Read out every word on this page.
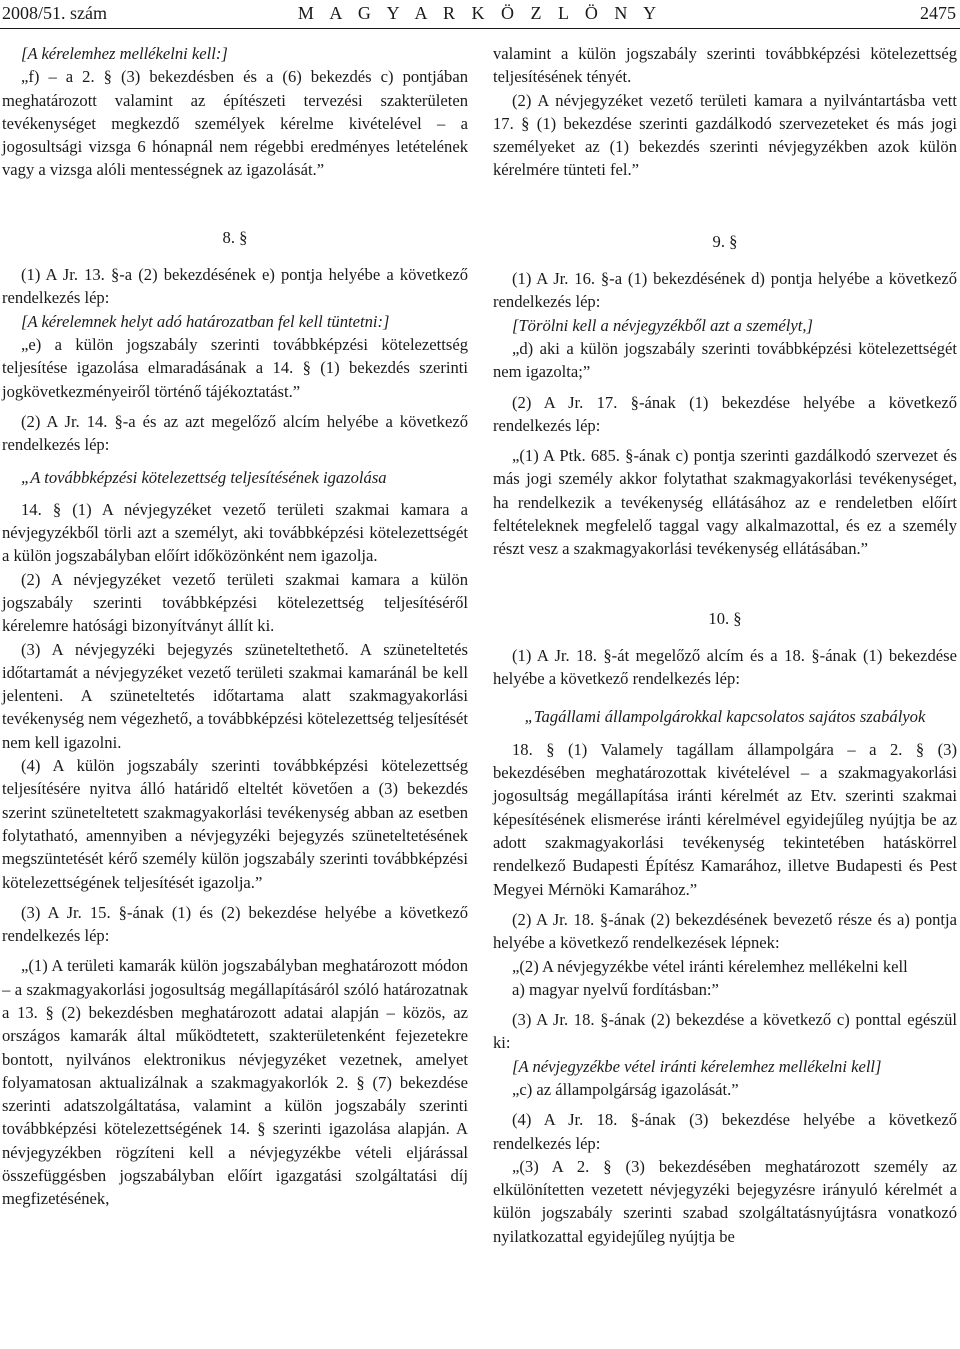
2008/51. szám	M A G Y A R K Ö Z L Ö N Y	2475

[A kérelemhez mellékelni kell:]

„f) – a 2. § (3) bekezdésben és a (6) bekezdés c) pontjában meghatározott valamint az építészeti tervezési szakterületen tevékenységet megkezdő személyek kérelme kivételével – a jogosultsági vizsga 6 hónapnál nem régebbi eredményes letételének vagy a vizsga alóli mentességnek az igazolását.”

8. §

(1) A Jr. 13. §-a (2) bekezdésének e) pontja helyébe a következő rendelkezés lép:

[A kérelemnek helyt adó határozatban fel kell tüntetni:]

„e) a külön jogszabály szerinti továbbképzési kötelezettség teljesítése igazolása elmaradásának a 14. § (1) bekezdés szerinti jogkövetkezményeiről történő tájékoztatást.”

(2) A Jr. 14. §-a és az azt megelőző alcím helyébe a következő rendelkezés lép:

„A továbbképzési kötelezettség teljesítésének igazolása

14. § (1) A névjegyzéket vezető területi szakmai kamara a névjegyzékből törli azt a személyt, aki továbbképzési kötelezettségét a külön jogszabályban előírt időközönként nem igazolja.

(2) A névjegyzéket vezető területi szakmai kamara a külön jogszabály szerinti továbbképzési kötelezettség teljesítéséről kérelemre hatósági bizonyítványt állít ki.

(3) A névjegyzéki bejegyzés szüneteltethető. A szüneteltetés időtartamát a névjegyzéket vezető területi szakmai kamaránál be kell jelenteni. A szüneteltetés időtartama alatt szakmagyakorlási tevékenység nem végezhető, a továbbképzési kötelezettség teljesítését nem kell igazolni.

(4) A külön jogszabály szerinti továbbképzési kötelezettség teljesítésére nyitva álló határidő elteltét követően a (3) bekezdés szerint szüneteltetett szakmagyakorlási tevékenység abban az esetben folytatható, amennyiben a névjegyzéki bejegyzés szüneteltetésének megszüntetését kérő személy külön jogszabály szerinti továbbképzési kötelezettségének teljesítését igazolja.”

(3) A Jr. 15. §-ának (1) és (2) bekezdése helyébe a következő rendelkezés lép:

„(1) A területi kamarák külön jogszabályban meghatározott módon – a szakmagyakorlási jogosultság megállapításáról szóló határozatnak a 13. § (2) bekezdésben meghatározott adatai alapján – közös, az országos kamarák által működtetett, szakterületenként fejezetekre bontott, nyilvános elektronikus névjegyzéket vezetnek, amelyet folyamatosan aktualizálnak a szakmagyakorlók 2. § (7) bekezdése szerinti adatszolgáltatása, valamint a külön jogszabály szerinti továbbképzési kötelezettségének 14. § szerinti igazolása alapján. A névjegyzékben rögzíteni kell a névjegyzékbe vételi eljárással összefüggésben jogszabályban előírt igazgatási szolgáltatási díj megfizetésének,

valamint a külön jogszabály szerinti továbbképzési kötelezettség teljesítésének tényét.

(2) A névjegyzéket vezető területi kamara a nyilvántartásba vett 17. § (1) bekezdése szerinti gazdálkodó szervezeteket és más jogi személyeket az (1) bekezdés szerinti névjegyzékben azok külön kérelmére tünteti fel.”

9. §

(1) A Jr. 16. §-a (1) bekezdésének d) pontja helyébe a következő rendelkezés lép:

[Törölni kell a névjegyzékből azt a személyt,]

„d) aki a külön jogszabály szerinti továbbképzési kötelezettségét nem igazolta;”

(2) A Jr. 17. §-ának (1) bekezdése helyébe a következő rendelkezés lép:

„(1) A Ptk. 685. §-ának c) pontja szerinti gazdálkodó szervezet és más jogi személy akkor folytathat szakmagyakorlási tevékenységet, ha rendelkezik a tevékenység ellátásához az e rendeletben előírt feltételeknek megfelelő taggal vagy alkalmazottal, és ez a személy részt vesz a szakmagyakorlási tevékenység ellátásában.”

10. §

(1) A Jr. 18. §-át megelőző alcím és a 18. §-ának (1) bekezdése helyébe a következő rendelkezés lép:

„Tagállami állampolgárokkal kapcsolatos sajátos szabályok

18. § (1) Valamely tagállam állampolgára – a 2. § (3) bekezdésében meghatározottak kivételével – a szakmagyakorlási jogosultság megállapítása iránti kérelmét az Etv. szerinti szakmai képesítésének elismerése iránti kérelmével egyidejűleg nyújtja be az adott szakmagyakorlási tevékenység tekintetében hatáskörrel rendelkező Budapesti Építész Kamarához, illetve Budapesti és Pest Megyei Mérnöki Kamarához.”

(2) A Jr. 18. §-ának (2) bekezdésének bevezető része és a) pontja helyébe a következő rendelkezések lépnek:

„(2) A névjegyzékbe vétel iránti kérelemhez mellékelni kell

a) magyar nyelvű fordításban:”

(3) A Jr. 18. §-ának (2) bekezdése a következő c) ponttal egészül ki:

[A névjegyzékbe vétel iránti kérelemhez mellékelni kell]

„c) az állampolgárság igazolását.”

(4) A Jr. 18. §-ának (3) bekezdése helyébe a következő rendelkezés lép:

„(3) A 2. § (3) bekezdésében meghatározott személy az elkülönítetten vezetett névjegyzéki bejegyzésre irányuló kérelmét a külön jogszabály szerinti szabad szolgáltatásnyújtásra vonatkozó nyilatkozattal egyidejűleg nyújtja be
